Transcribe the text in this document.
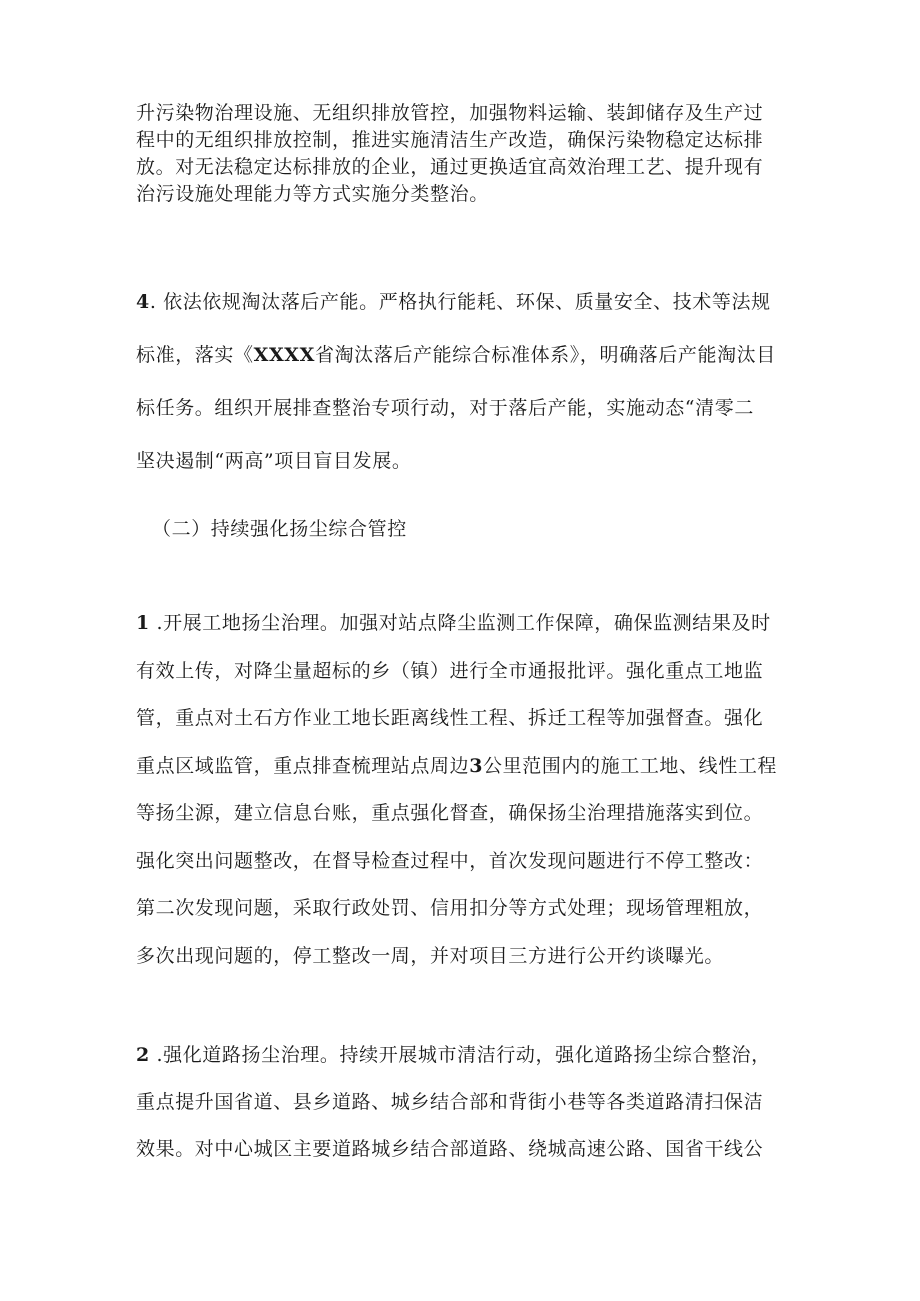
升污染物治理设施、无组织排放管控，加强物料运输、装卸储存及生产过
程中的无组织排放控制，推进实施清洁生产改造，确保污染物稳定达标排
放。对无法稳定达标排放的企业，通过更换适宜高效治理工艺、提升现有
治污设施处理能力等方式实施分类整治。
4. 依法依规淘汰落后产能。严格执行能耗、环保、质量安全、技术等法规
标准，落实《XXXX省淘汰落后产能综合标准体系》，明确落后产能淘汰目
标任务。组织开展排查整治专项行动，对于落后产能，实施动态“清零二
坚决遏制“两高”项目盲目发展。

（二）持续强化扬尘综合管控

1 .开展工地扬尘治理。加强对站点降尘监测工作保障，确保监测结果及时
有效上传，对降尘量超标的乡（镇）进行全市通报批评。强化重点工地监
管，重点对土石方作业工地长距离线性工程、拆迁工程等加强督查。强化
重点区域监管，重点排查梳理站点周边3公里范围内的施工工地、线性工程
等扬尘源，建立信息台账，重点强化督查，确保扬尘治理措施落实到位。
强化突出问题整改，在督导检查过程中，首次发现问题进行不停工整改：
第二次发现问题，采取行政处罚、信用扣分等方式处理；现场管理粗放，
多次出现问题的，停工整改一周，并对项目三方进行公开约谈曝光。
2 .强化道路扬尘治理。持续开展城市清洁行动，强化道路扬尘综合整治，
重点提升国省道、县乡道路、城乡结合部和背街小巷等各类道路清扫保洁
效果。对中心城区主要道路城乡结合部道路、绕城高速公路、国省干线公
